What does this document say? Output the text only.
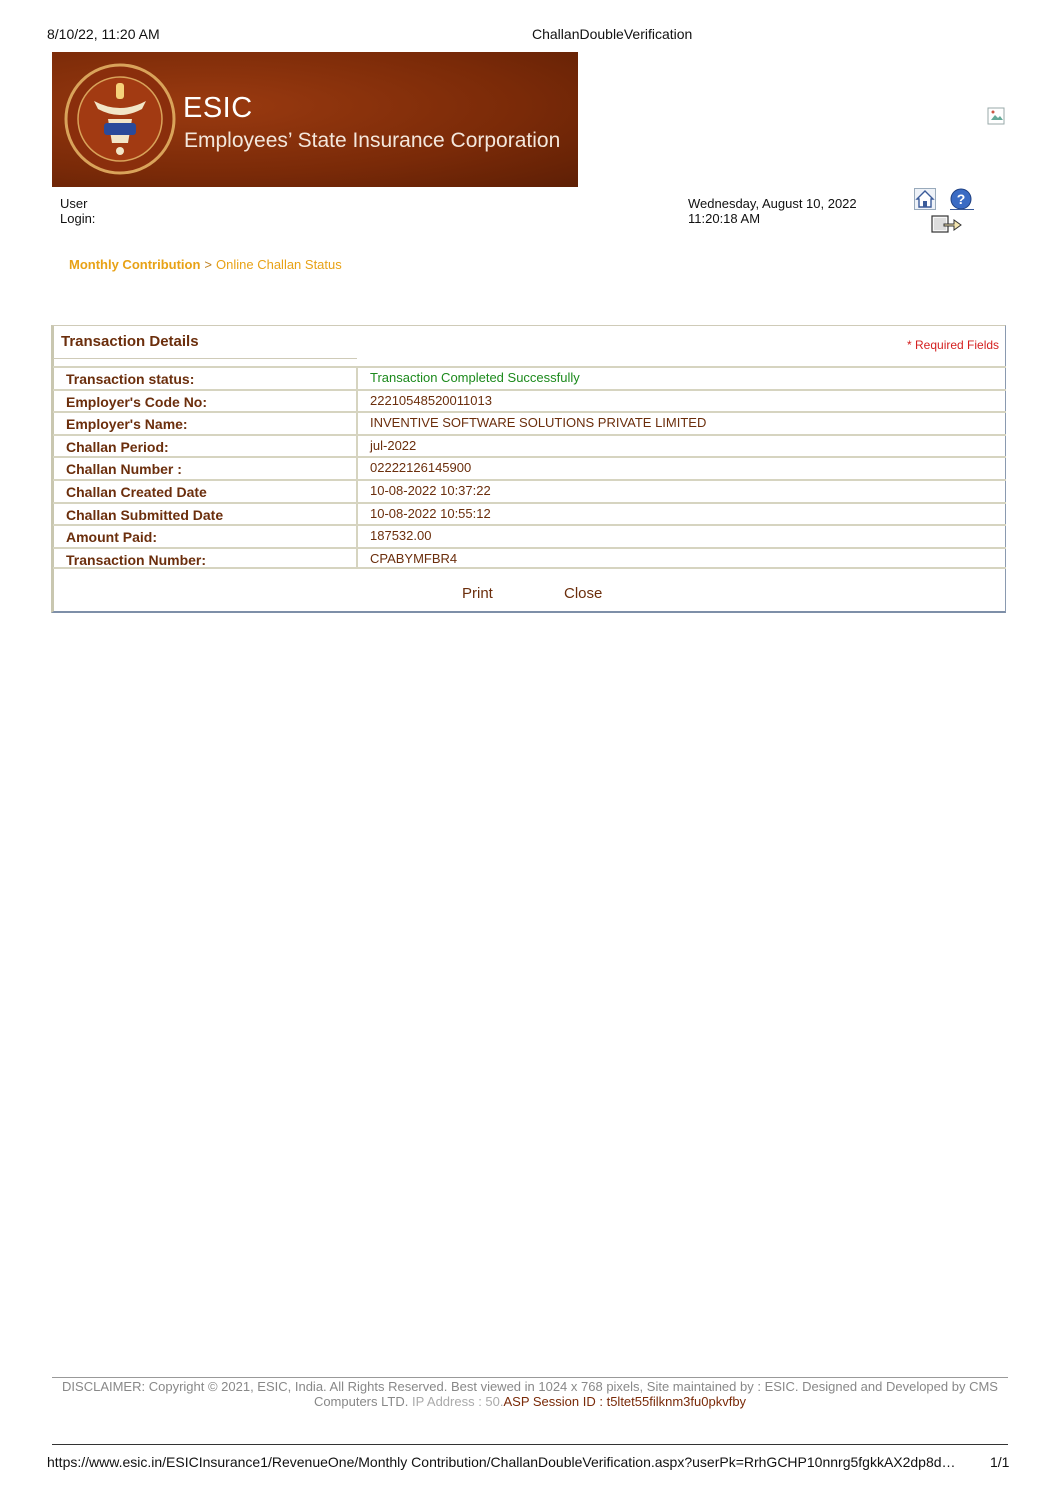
8/10/22, 11:20 AM	ChallanDoubleVerification
ESIC
Employees’ State Insurance Corporation
User
Login:
Wednesday, August 10, 2022
11:20:18 AM
?
Monthly Contribution > Online Challan Status
Transaction Details	* Required Fields
Transaction status:	Transaction Completed Successfully
Employer's Code No:	22210548520011013
Employer's Name:	INVENTIVE SOFTWARE SOLUTIONS PRIVATE LIMITED
Challan Period:	jul-2022
Challan Number :	02222126145900
Challan Created Date	10-08-2022 10:37:22
Challan Submitted Date	10-08-2022 10:55:12
Amount Paid:	187532.00
Transaction Number:	CPABYMFBR4
Print	Close
DISCLAIMER: Copyright © 2021, ESIC, India. All Rights Reserved. Best viewed in 1024 x 768 pixels, Site maintained by : ESIC. Designed and Developed by CMS Computers LTD. IP Address : 50.ASP Session ID : t5ltet55filknm3fu0pkvfby
https://www.esic.in/ESICInsurance1/RevenueOne/Monthly Contribution/ChallanDoubleVerification.aspx?userPk=RrhGCHP10nnrg5fgkkAX2dp8d… 1/1
